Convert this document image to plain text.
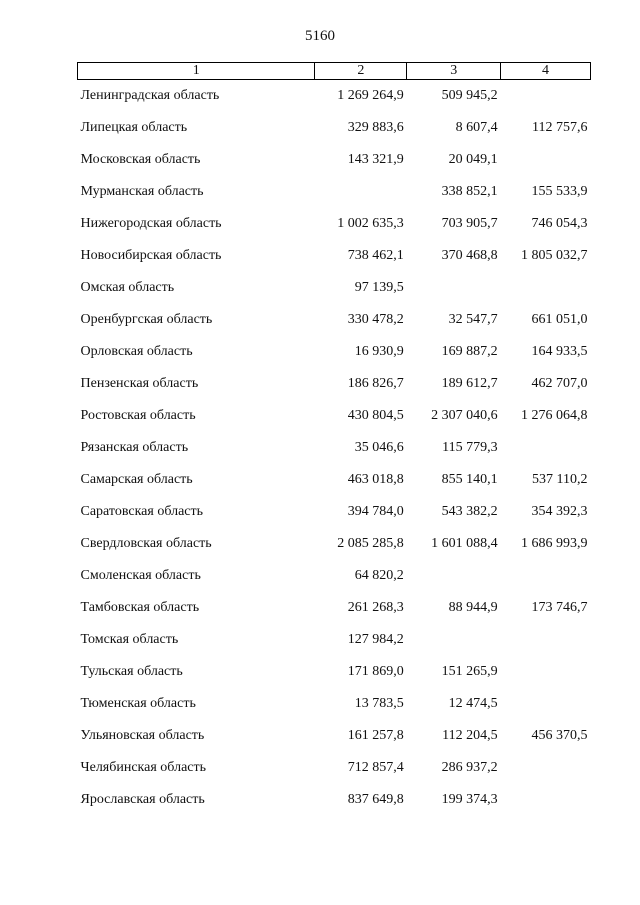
5160
1	2	3	4
Ленинградская область	1 269 264,9	509 945,2	
Липецкая область	329 883,6	8 607,4	112 757,6
Московская область	143 321,9	20 049,1	
Мурманская область		338 852,1	155 533,9
Нижегородская область	1 002 635,3	703 905,7	746 054,3
Новосибирская область	738 462,1	370 468,8	1 805 032,7
Омская область	97 139,5		
Оренбургская область	330 478,2	32 547,7	661 051,0
Орловская область	16 930,9	169 887,2	164 933,5
Пензенская область	186 826,7	189 612,7	462 707,0
Ростовская область	430 804,5	2 307 040,6	1 276 064,8
Рязанская область	35 046,6	115 779,3	
Самарская область	463 018,8	855 140,1	537 110,2
Саратовская область	394 784,0	543 382,2	354 392,3
Свердловская область	2 085 285,8	1 601 088,4	1 686 993,9
Смоленская область	64 820,2		
Тамбовская область	261 268,3	88 944,9	173 746,7
Томская область	127 984,2		
Тульская область	171 869,0	151 265,9	
Тюменская область	13 783,5	12 474,5	
Ульяновская область	161 257,8	112 204,5	456 370,5
Челябинская область	712 857,4	286 937,2	
Ярославская область	837 649,8	199 374,3	
